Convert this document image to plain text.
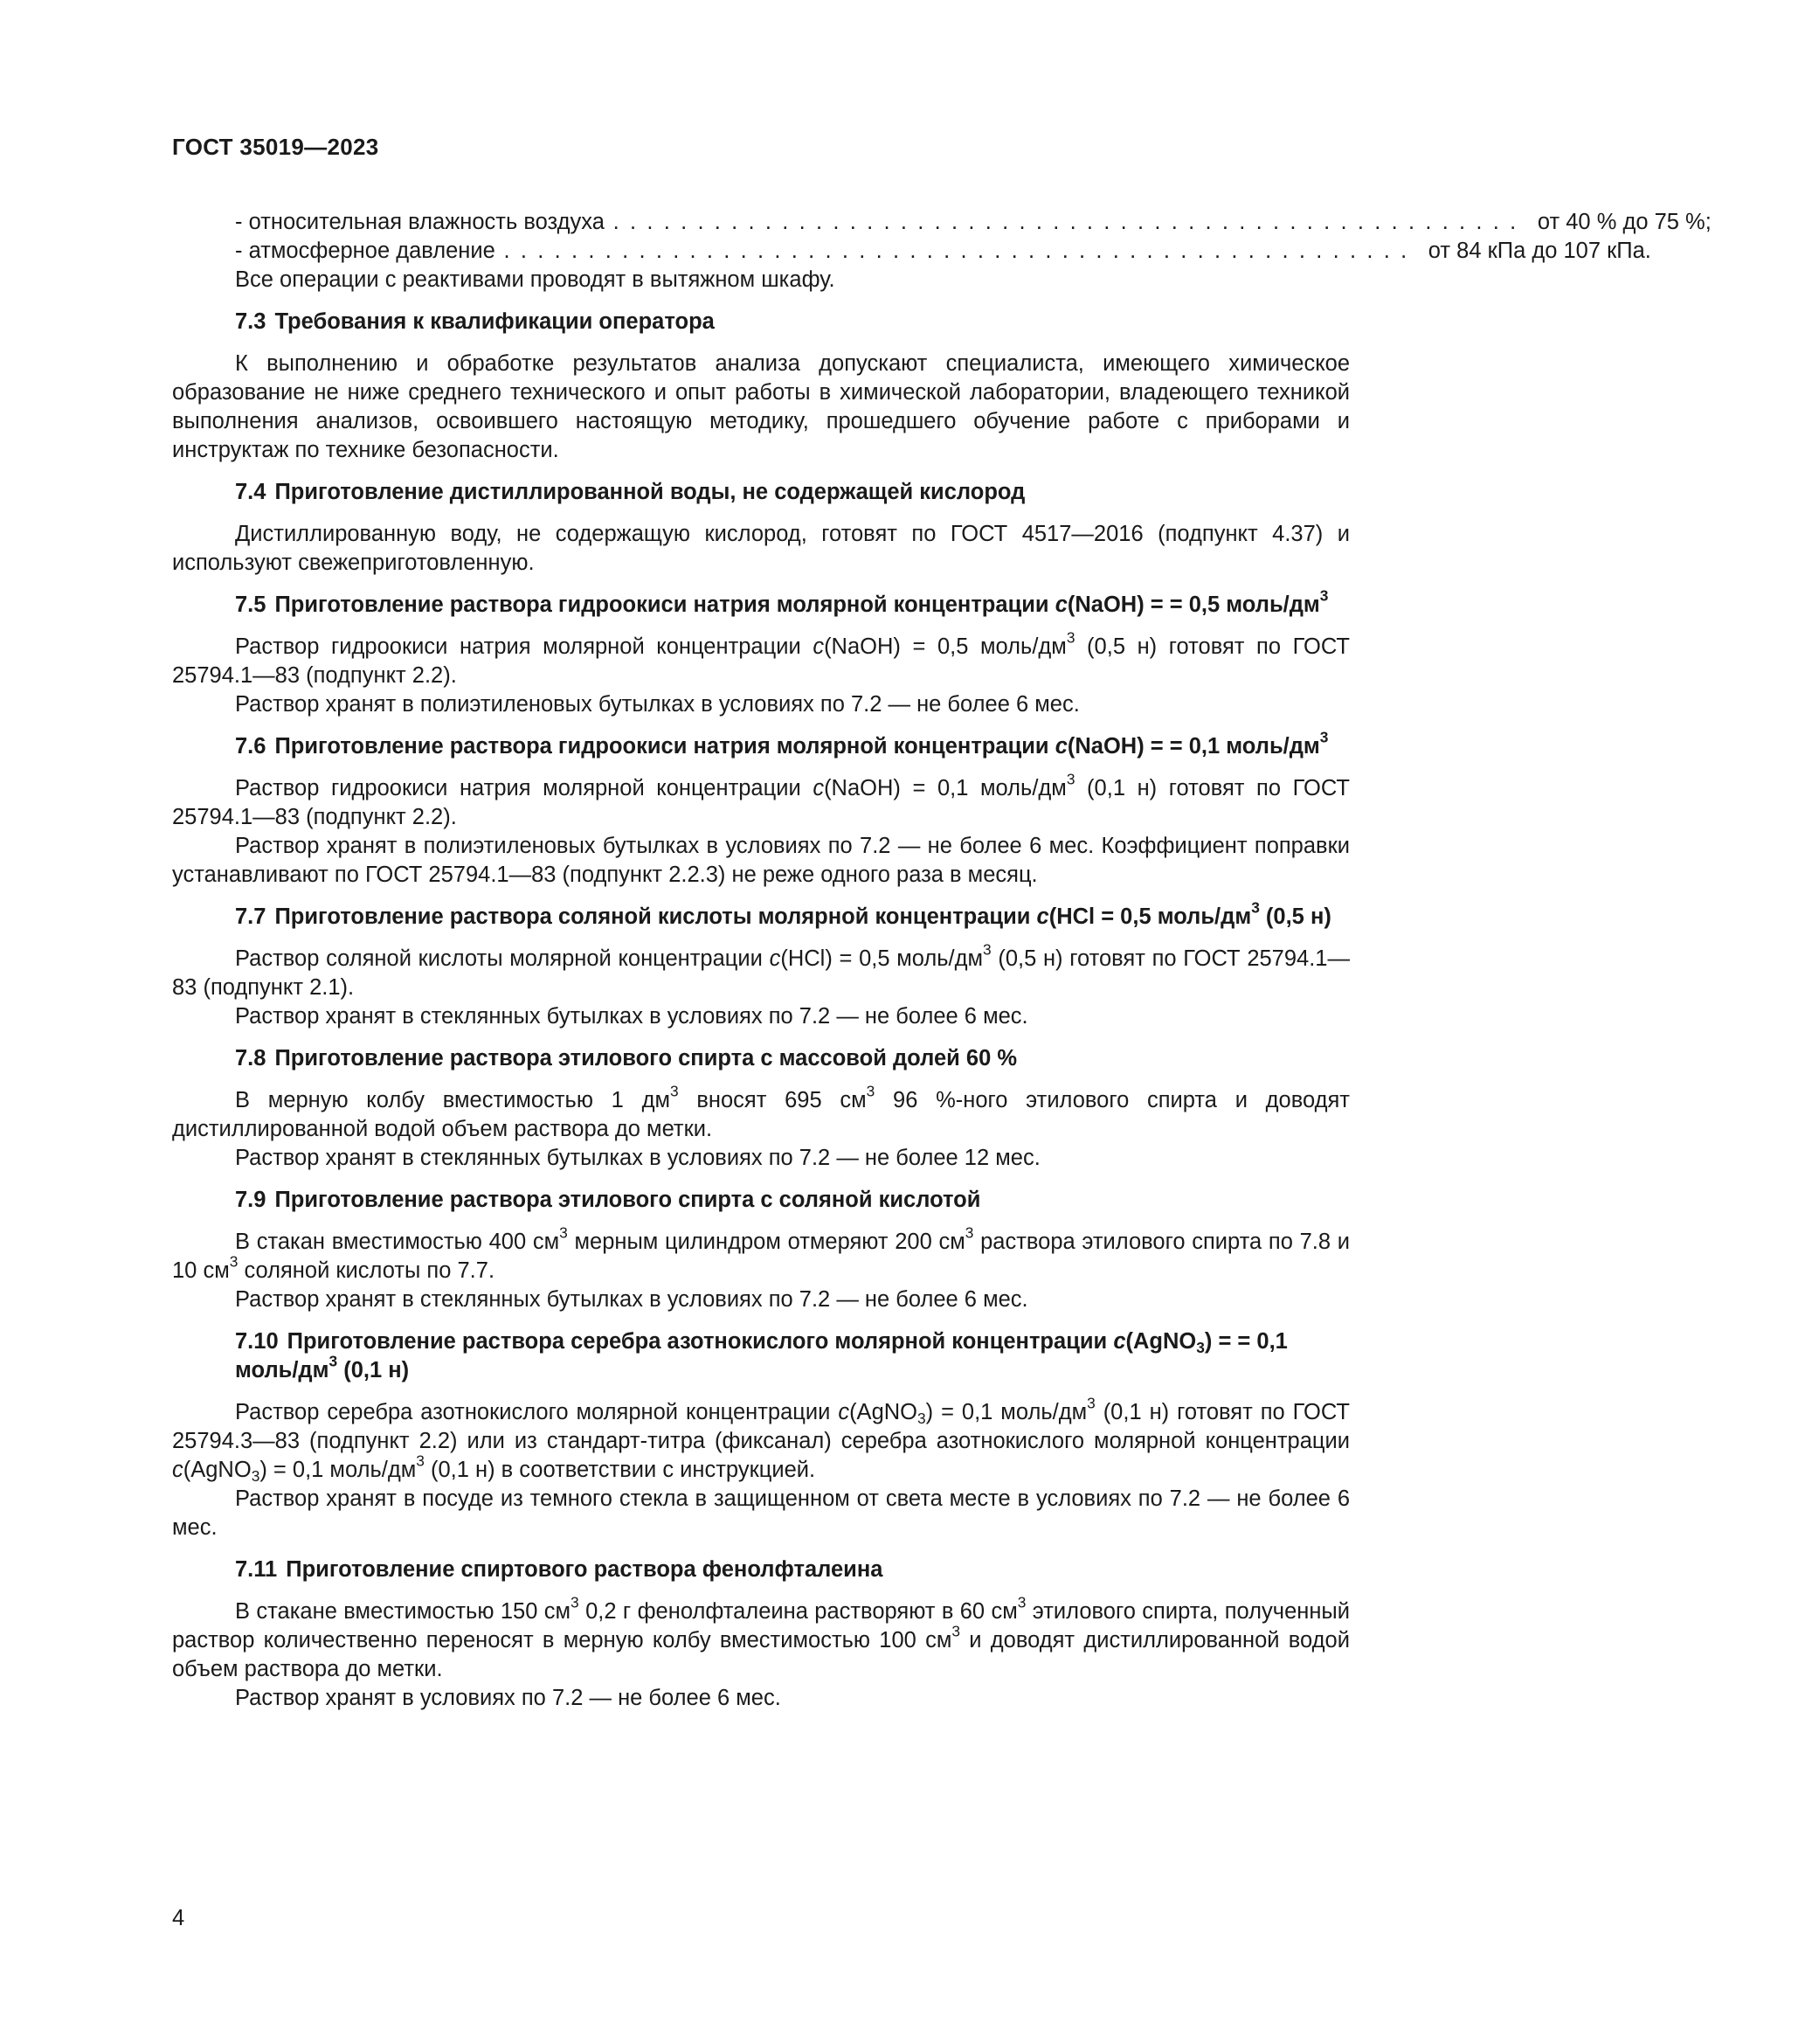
ГОСТ 35019—2023
- относительная влажность воздуха . . . . . . . . . . . . . . . . . . . . . . . . . . . . . . . . . . . . . . . . . . . . . . . . . . . . . . от 40 % до 75 %;
- атмосферное давление . . . . . . . . . . . . . . . . . . . . . . . . . . . . . . . . . . . . . . . . . . . . . . . . . . . . . . от 84 кПа до 107 кПа.

Все операции с реактивами проводят в вытяжном шкафу.

7.3 Требования к квалификации оператора

К выполнению и обработке результатов анализа допускают специалиста, имеющего химическое образование не ниже среднего технического и опыт работы в химической лаборатории, владеющего техникой выполнения анализов, освоившего настоящую методику, прошедшего обучение работе с приборами и инструктаж по технике безопасности.

7.4 Приготовление дистиллированной воды, не содержащей кислород

Дистиллированную воду, не содержащую кислород, готовят по ГОСТ 4517—2016 (подпункт 4.37) и используют свежеприготовленную.

7.5 Приготовление раствора гидроокиси натрия молярной концентрации c(NaOH) = = 0,5 моль/$дм^3$

Раствор гидроокиси натрия молярной концентрации c(NaOH) = 0,5 моль/$дм^3$ (0,5 н) готовят по ГОСТ 25794.1—83 (подпункт 2.2).

Раствор хранят в полиэтиленовых бутылках в условиях по 7.2 — не более 6 мес.

7.6 Приготовление раствора гидроокиси натрия молярной концентрации c(NaOH) = = 0,1 моль/$дм^3$

Раствор гидроокиси натрия молярной концентрации c(NaOH) = 0,1 моль/$дм^3$ (0,1 н) готовят по ГОСТ 25794.1—83 (подпункт 2.2).

Раствор хранят в полиэтиленовых бутылках в условиях по 7.2 — не более 6 мес. Коэффициент поправки устанавливают по ГОСТ 25794.1—83 (подпункт 2.2.3) не реже одного раза в месяц.

7.7 Приготовление раствора соляной кислоты молярной концентрации c(HCl = 0,5 моль/$дм^3$ (0,5 н)

Раствор соляной кислоты молярной концентрации c(HCl) = 0,5 моль/$дм^3$ (0,5 н) готовят по ГОСТ 25794.1—83 (подпункт 2.1).

Раствор хранят в стеклянных бутылках в условиях по 7.2 — не более 6 мес.

7.8 Приготовление раствора этилового спирта с массовой долей 60 %

В мерную колбу вместимостью 1 $дм^3$ вносят 695 $см^3$ 96 %-ного этилового спирта и доводят дистиллированной водой объем раствора до метки.

Раствор хранят в стеклянных бутылках в условиях по 7.2 — не более 12 мес.

7.9 Приготовление раствора этилового спирта с соляной кислотой

В стакан вместимостью 400 $см^3$ мерным цилиндром отмеряют 200 $см^3$ раствора этилового спирта по 7.8 и 10 $см^3$ соляной кислоты по 7.7.

Раствор хранят в стеклянных бутылках в условиях по 7.2 — не более 6 мес.

7.10 Приготовление раствора серебра азотнокислого молярной концентрации c(AgNO$_3$) = = 0,1 моль/$дм^3$ (0,1 н)

Раствор серебра азотнокислого молярной концентрации c(AgNO$_3$) = 0,1 моль/$дм^3$ (0,1 н) готовят по ГОСТ 25794.3—83 (подпункт 2.2) или из стандарт-титра (фиксанал) серебра азотнокислого молярной концентрации c(AgNO$_3$) = 0,1 моль/$дм^3$ (0,1 н) в соответствии с инструкцией.

Раствор хранят в посуде из темного стекла в защищенном от света месте в условиях по 7.2 — не более 6 мес.

7.11 Приготовление спиртового раствора фенолфталеина

В стакане вместимостью 150 $см^3$ 0,2 г фенолфталеина растворяют в 60 $см^3$ этилового спирта, полученный раствор количественно переносят в мерную колбу вместимостью 100 $см^3$ и доводят дистиллированной водой объем раствора до метки.

Раствор хранят в условиях по 7.2 — не более 6 мес.

4
